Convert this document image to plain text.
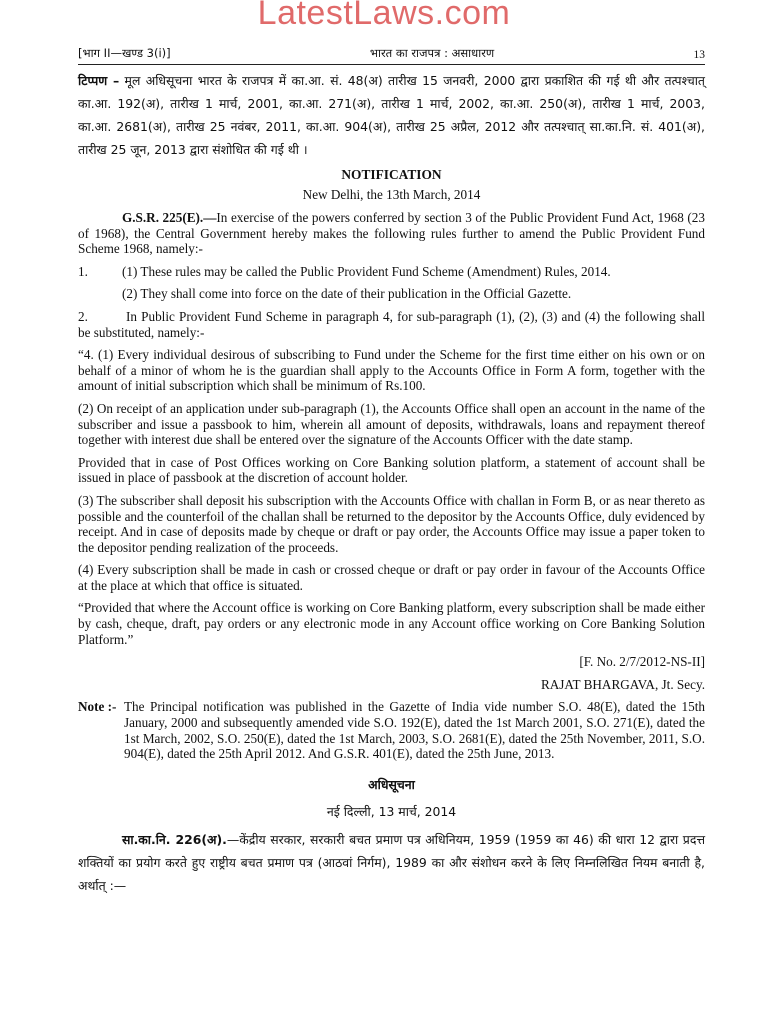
LatestLaws.com
[भाग II—खण्ड 3(i)]	भारत का राजपत्र : असाधारण	13

टिप्पण – मूल अधिसूचना भारत के राजपत्र में का.आ. सं. 48(अ) तारीख 15 जनवरी, 2000 द्वारा प्रकाशित की गई थी और तत्पश्चात् का.आ. 192(अ), तारीख 1 मार्च, 2001, का.आ. 271(अ), तारीख 1 मार्च, 2002, का.आ. 250(अ), तारीख 1 मार्च, 2003, का.आ. 2681(अ), तारीख 25 नवंबर, 2011, का.आ. 904(अ), तारीख 25 अप्रैल, 2012 और तत्पश्चात् सा.का.नि. सं. 401(अ), तारीख 25 जून, 2013 द्वारा संशोधित की गई थी ।

NOTIFICATION
New Delhi, the 13th March, 2014

G.S.R. 225(E).—In exercise of the powers conferred by section 3 of the Public Provident Fund Act, 1968 (23 of 1968), the Central Government hereby makes the following rules further to amend the Public Provident Fund Scheme 1968, namely:-

1.	(1) These rules may be called the Public Provident Fund Scheme (Amendment) Rules, 2014.

(2) They shall come into force on the date of their publication in the Official Gazette.

2.	In Public Provident Fund Scheme in paragraph 4, for sub-paragraph (1), (2), (3) and (4) the following shall be substituted, namely:-

“4. (1) Every individual desirous of subscribing to Fund under the Scheme for the first time either on his own or on behalf of a minor of whom he is the guardian shall apply to the Accounts Office in Form A form, together with the amount of initial subscription which shall be minimum of Rs.100.

(2) On receipt of an application under sub-paragraph (1), the Accounts Office shall open an account in the name of the subscriber and issue a passbook to him, wherein all amount of deposits, withdrawals, loans and repayment thereof together with interest due shall be entered over the signature of the Accounts Officer with the date stamp.

Provided that in case of Post Offices working on Core Banking solution platform, a statement of account shall be issued in place of passbook at the discretion of account holder.

(3) The subscriber shall deposit his subscription with the Accounts Office with challan in Form B, or as near thereto as possible and the counterfoil of the challan shall be returned to the depositor by the Accounts Office, duly evidenced by receipt. And in case of deposits made by cheque or draft or pay order, the Accounts Office may issue a paper token to the depositor pending realization of the proceeds.

(4) Every subscription shall be made in cash or crossed cheque or draft or pay order in favour of the Accounts Office at the place at which that office is situated.

“Provided that where the Account office is working on Core Banking platform, every subscription shall be made either by cash, cheque, draft, pay orders or any electronic mode in any Account office working on Core Banking Solution Platform.”

[F. No. 2/7/2012-NS-II]

RAJAT BHARGAVA, Jt. Secy.

Note :- The Principal notification was published in the Gazette of India vide number S.O. 48(E), dated the 15th January, 2000 and subsequently amended vide S.O. 192(E), dated the 1st March 2001, S.O. 271(E), dated the 1st March, 2002, S.O. 250(E), dated the 1st March, 2003, S.O. 2681(E), dated the 25th November, 2011, S.O. 904(E), dated the 25th April 2012. And G.S.R. 401(E), dated the 25th June, 2013.
अधिसूचना
नई दिल्ली, 13 मार्च, 2014

सा.का.नि. 226(अ).—केंद्रीय सरकार, सरकारी बचत प्रमाण पत्र अधिनियम, 1959 (1959 का 46) की धारा 12 द्वारा प्रदत्त शक्तियों का प्रयोग करते हुए राष्ट्रीय बचत प्रमाण पत्र (आठवां निर्गम), 1989 का और संशोधन करने के लिए निम्नलिखित नियम बनाती है, अर्थात् :—
